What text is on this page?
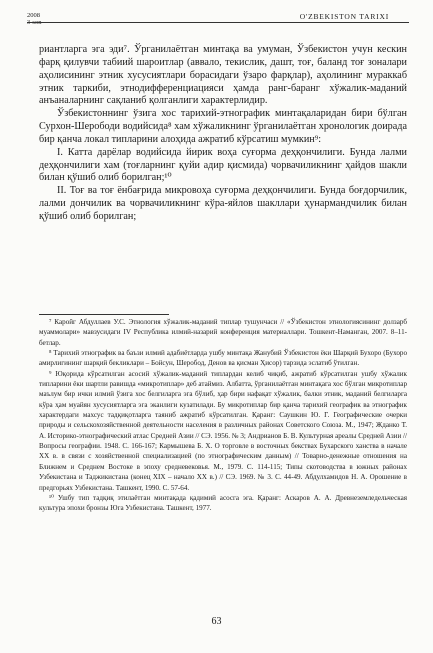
2008
3-son
O'ZBEKISTON TARIXI

риантларга эга эди⁷. Ўрганилаётган минтақа ва умуман, Ўзбекистон учун кескин фарқ қилувчи табиий шароитлар (аввало, текислик, дашт, тоғ, баланд тоғ зоналари аҳолисининг этник хусусиятлари борасидаги ўзаро фарқлар), аҳолининг мураккаб этник таркиби, этнодифференциацияси ҳамда ранг-баранг хўжалик-маданий анъаналарнинг сақланиб қолганлиги характерлидир.

Ўзбекистоннинг ўзига хос тарихий-этнографик минтақаларидан бири бўлган Сурхон-Шерободи водийсида⁸ хам хўжаликнинг ўрганилаётган хронологик доирада бир қанча локал типларини алоҳида ажратиб кўрсатиш мумкин⁹:

I. Катта дарёлар водийсида йирик воҳа суғорма деҳқончилиги. Бунда лалми деҳқончилиги хам (тоғларнинг қуйи адир қисмида) чорвачиликнинг ҳайдов шакли билан қўшиб олиб борилган;¹⁰

II. Тоғ ва тоғ ёнбағрида микровоҳа суғорма деҳқончилиги. Бунда боғдорчилик, лалми дончилик ва чорвачиликнинг кўра-яйлов шакллари ҳунармандчилик билан қўшиб олиб борилган;

⁷ Кароӣг Абдуллаев У.С. Этнология хўжалик-маданий типлар тушунчаси // «Ўзбекистон этнологиясининг долзарб муаммолари» мавзусидаги IV Республика илмий-назарий конференция материаллари. Тошкент-Наманган, 2007. 8–11-бетлар.

⁸ Тарихий этнографик ва баъзи илмий адабиётларда ушбу минтақа Жанубий Ўзбекистон ёки Шарқий Бухоро (Бухоро амирлигининг шарқий бекликлари – Бойсун, Шеробод, Денов ва қисман Ҳисор) тарзида эслатиб ўтилган.

⁹ Юқорида кўрсатилган асосий хўжалик-маданий типлардан келиб чиқиб, ажратиб кўрсатилган ушбу хўжалик типларини ёки шартли равишда «микротиплар» деб атаймиз. Албатта, ўрганилаётган минтақага хос бўлган микротиплар маълум бир ички илмий ўзига хос белгиларга эга бўлиб, ҳар бири нафақат хўжалик, балки этник, маданий белгиларга кўра ҳам муайян хусусиятларга эга эканлиги кузатилади. Бу микротиплар бир қанча тарихий географик ва этнографик характердаги махсус тадқиқотларга таяниб ажратиб кўрсатилган. Қаранг: Саушкин Ю. Г. Географические очерки природы и сельскохозяйственной деятельности населения в различных районах Советского Союза. М., 1947; Жданко Т. А. Историко-этнографический атлас Средней Азии // СЭ. 1956. № 3; Андрианов Б. В. Культурная ареалы Средней Азии // Вопросы географии. 1948. С. 166-167; Кармышева Б. Х. О торговле в восточных бекствах Бухарского ханства в начале XX в. в связи с хозяйственной специализацией (по этнографическим данным) // Товарно-денежные отношения на Ближнем и Среднем Востоке в эпоху средневековья. М., 1979. С. 114-115; Типы скотоводства в южных районах Узбекистана и Таджикистана (конец XIX – начало XX в.) // СЭ. 1969. № 3. С. 44-49. Абдулхамидов Н. А. Орошение в предгорьях Узбекистана. Ташкент, 1990. С. 57-64.

¹⁰ Ушбу тип тадқиқ этилаётган минтақада қадимий асосга эга. Қаранг: Аскаров А. А. Древнеземледельческая культура эпохи бронзы Юга Узбекистана. Ташкент, 1977.

63
